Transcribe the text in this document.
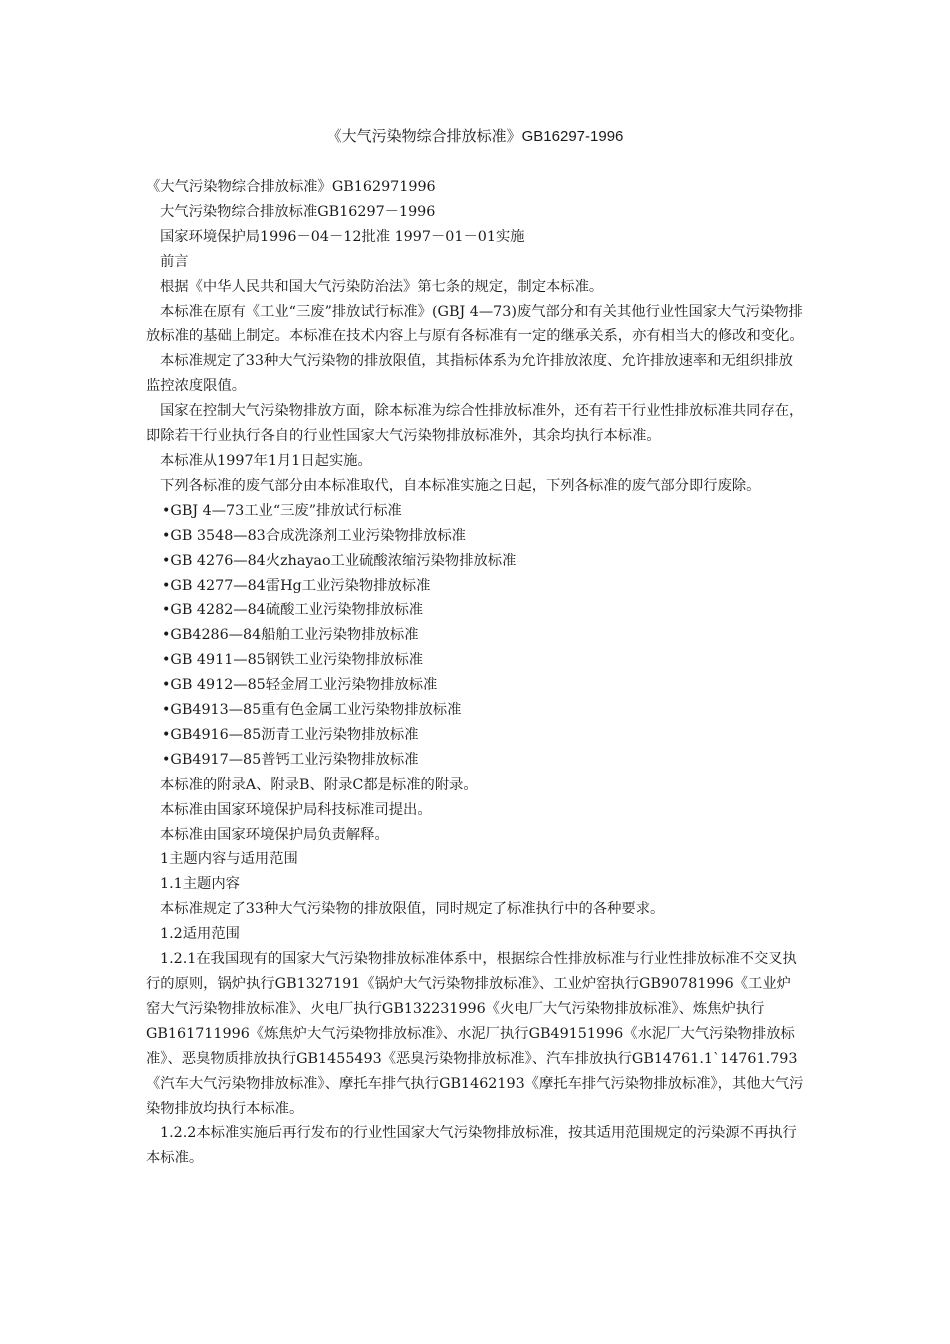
《大气污染物综合排放标准》GB16297-1996

《大气污染物综合排放标准》GB162971996

大气污染物综合排放标准GB16297－1996

国家环境保护局1996－04－12批准 1997－01－01实施

前言

根据《中华人民共和国大气污染防治法》第七条的规定，制定本标准。

本标准在原有《工业“三废”排放试行标准》(GBJ 4—73)废气部分和有关其他行业性国家大气污染物排放标准的基础上制定。本标准在技术内容上与原有各标准有一定的继承关系，亦有相当大的修改和变化。

本标准规定了33种大气污染物的排放限值，其指标体系为允许排放浓度、允许排放速率和无组织排放监控浓度限值。

国家在控制大气污染物排放方面，除本标准为综合性排放标准外，还有若干行业性排放标准共同存在，即除若干行业执行各自的行业性国家大气污染物排放标准外，其余均执行本标准。

本标准从1997年1月1日起实施。

下列各标准的废气部分由本标准取代，自本标准实施之日起，下列各标准的废气部分即行废除。

•GBJ 4—73工业“三废”排放试行标准

•GB 3548—83合成洗涤剂工业污染物排放标准

•GB 4276—84火zhayao工业硫酸浓缩污染物排放标准

•GB 4277—84雷Hg工业污染物排放标准

•GB 4282—84硫酸工业污染物排放标准

•GB4286—84船舶工业污染物排放标准

•GB 4911—85钢铁工业污染物排放标准

•GB 4912—85轻金屑工业污染物排放标准

•GB4913—85重有色金属工业污染物排放标准

•GB4916—85沥青工业污染物排放标准

•GB4917—85普钙工业污染物排放标准

本标准的附录A、附录B、附录C都是标准的附录。

本标准由国家环境保护局科技标准司提出。

本标准由国家环境保护局负责解释。

1主题内容与适用范围

1.1主题内容

本标准规定了33种大气污染物的排放限值，同时规定了标准执行中的各种要求。

1.2适用范围

1.2.1在我国现有的国家大气污染物排放标准体系中，根据综合性排放标准与行业性排放标准不交叉执行的原则，锅炉执行GB1327191《锅炉大气污染物排放标准》、工业炉窑执行GB90781996《工业炉窑大气污染物排放标准》、火电厂执行GB132231996《火电厂大气污染物排放标准》、炼焦炉执行GB161711996《炼焦炉大气污染物排放标准》、水泥厂执行GB49151996《水泥厂大气污染物排放标准》、恶臭物质排放执行GB1455493《恶臭污染物排放标准》、汽车排放执行GB14761.1`14761.793《汽车大气污染物排放标准》、摩托车排气执行GB1462193《摩托车排气污染物排放标准》，其他大气污染物排放均执行本标准。

1.2.2本标准实施后再行发布的行业性国家大气污染物排放标准，按其适用范围规定的污染源不再执行本标准。
